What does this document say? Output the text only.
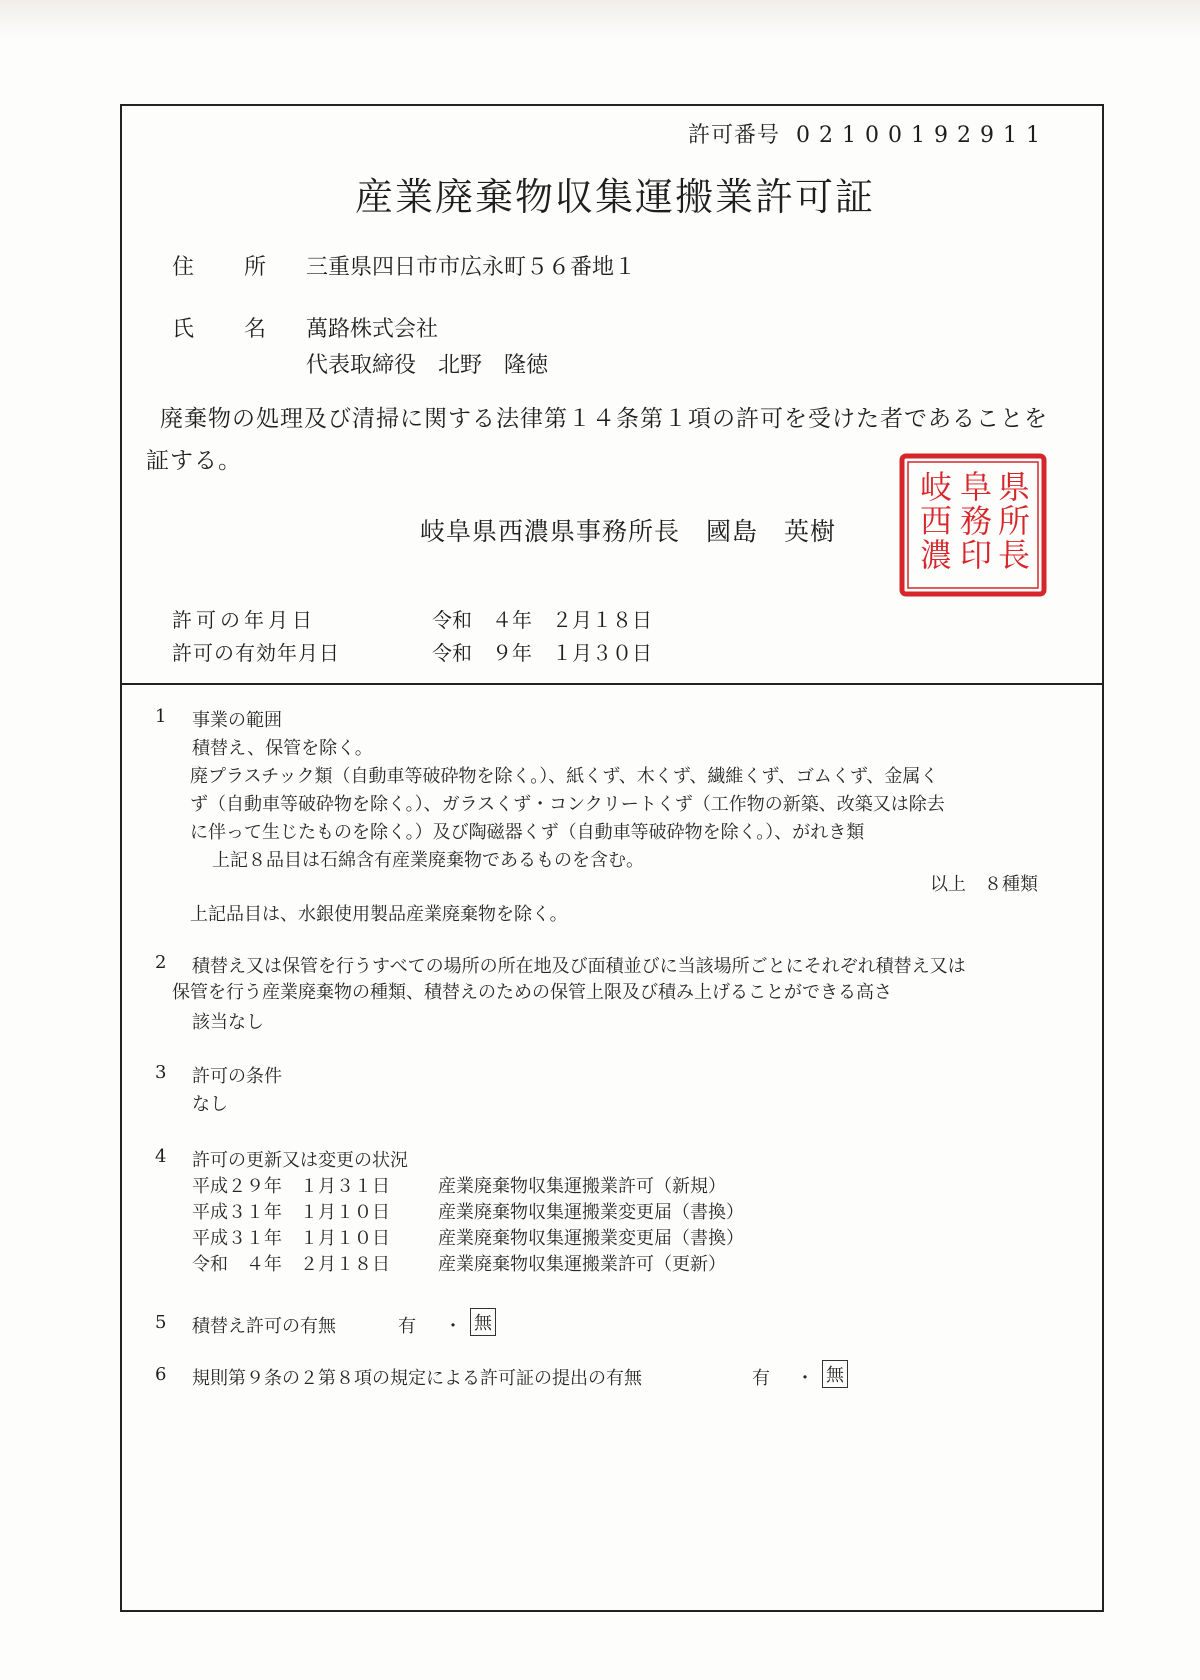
許可番号 02100192911
産業廃棄物収集運搬業許可証
住 所 三重県四日市市広永町５６番地１
氏 名 萬路株式会社
代表取締役　北野　隆徳
廃棄物の処理及び清掃に関する法律第１４条第１項の許可を受けた者であることを
証する。
岐阜県西濃県事務所長　國島　英樹
県
所
長
阜
務
印
岐
西
濃
許可の年月日	令和　４年　２月１８日
許可の有効年月日	令和　９年　１月３０日
1 事業の範囲
積替え、保管を除く。
廃プラスチック類（自動車等破砕物を除く。）、紙くず、木くず、繊維くず、ゴムくず、金属く
ず（自動車等破砕物を除く。）、ガラスくず・コンクリートくず（工作物の新築、改築又は除去
に伴って生じたものを除く。）及び陶磁器くず（自動車等破砕物を除く。）、がれき類
上記８品目は石綿含有産業廃棄物であるものを含む。
以上　８種類
上記品目は、水銀使用製品産業廃棄物を除く。
2 積替え又は保管を行うすべての場所の所在地及び面積並びに当該場所ごとにそれぞれ積替え又は
保管を行う産業廃棄物の種類、積替えのための保管上限及び積み上げることができる高さ
該当なし
3 許可の条件
なし
4 許可の更新又は変更の状況
平成２９年　１月３１日	産業廃棄物収集運搬業許可（新規）
平成３１年　１月１０日	産業廃棄物収集運搬業変更届（書換）
平成３１年　１月１０日	産業廃棄物収集運搬業変更届（書換）
令和　４年　２月１８日	産業廃棄物収集運搬業許可（更新）
5 積替え許可の有無	有 ・ 無
6 規則第９条の２第８項の規定による許可証の提出の有無	有 ・ 無
